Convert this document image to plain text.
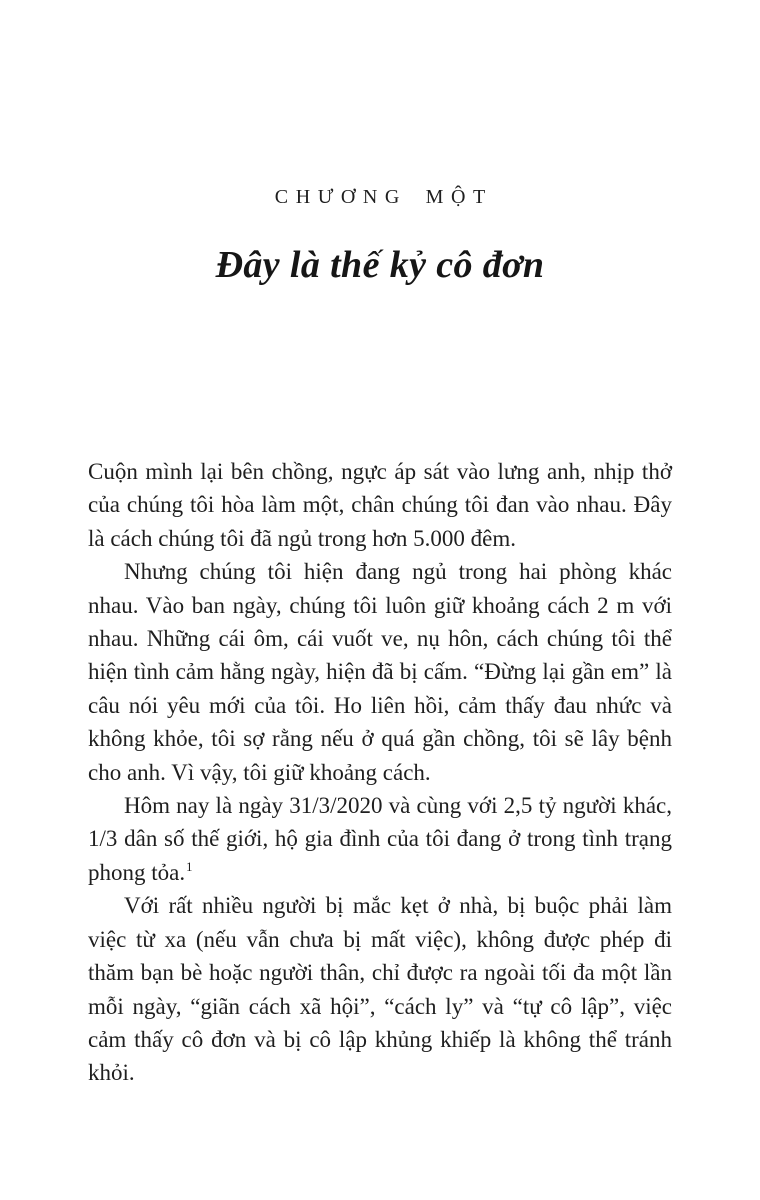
CHƯƠNG MỘT
Đây là thế kỷ cô đơn

Cuộn mình lại bên chồng, ngực áp sát vào lưng anh, nhịp thở của chúng tôi hòa làm một, chân chúng tôi đan vào nhau. Đây là cách chúng tôi đã ngủ trong hơn 5.000 đêm.

Nhưng chúng tôi hiện đang ngủ trong hai phòng khác nhau. Vào ban ngày, chúng tôi luôn giữ khoảng cách 2 m với nhau. Những cái ôm, cái vuốt ve, nụ hôn, cách chúng tôi thể hiện tình cảm hằng ngày, hiện đã bị cấm. “Đừng lại gần em” là câu nói yêu mới của tôi. Ho liên hồi, cảm thấy đau nhức và không khỏe, tôi sợ rằng nếu ở quá gần chồng, tôi sẽ lây bệnh cho anh. Vì vậy, tôi giữ khoảng cách.

Hôm nay là ngày 31/3/2020 và cùng với 2,5 tỷ người khác, 1/3 dân số thế giới, hộ gia đình của tôi đang ở trong tình trạng phong tỏa.$^1$

Với rất nhiều người bị mắc kẹt ở nhà, bị buộc phải làm việc từ xa (nếu vẫn chưa bị mất việc), không được phép đi thăm bạn bè hoặc người thân, chỉ được ra ngoài tối đa một lần mỗi ngày, “giãn cách xã hội”, “cách ly” và “tự cô lập”, việc cảm thấy cô đơn và bị cô lập khủng khiếp là không thể tránh khỏi.
